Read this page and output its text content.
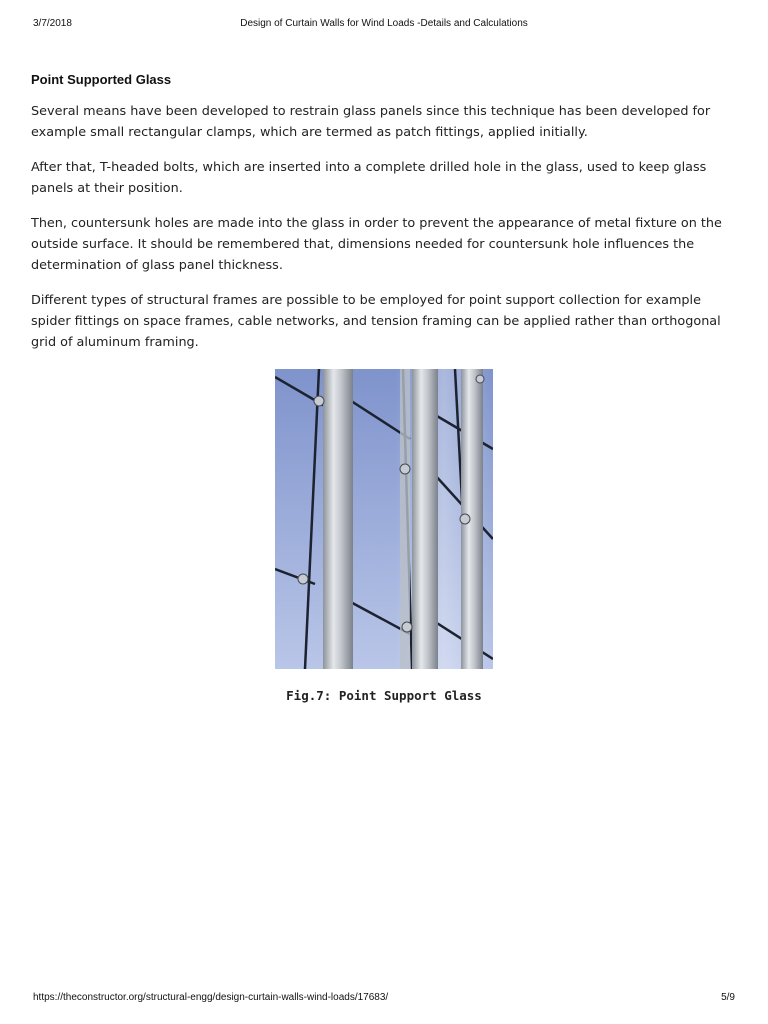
3/7/2018	Design of Curtain Walls for Wind Loads -Details and Calculations
Point Supported Glass

Several means have been developed to restrain glass panels since this technique has been developed for example small rectangular clamps, which are termed as patch fittings, applied initially.

After that, T-headed bolts, which are inserted into a complete drilled hole in the glass, used to keep glass panels at their position.

Then, countersunk holes are made into the glass in order to prevent the appearance of metal fixture on the outside surface. It should be remembered that, dimensions needed for countersunk hole influences the determination of glass panel thickness.

Different types of structural frames are possible to be employed for point support collection for example spider fittings on space frames, cable networks, and tension framing can be applied rather than orthogonal grid of aluminum framing.

Fig.7: Point Support Glass
https://theconstructor.org/structural-engg/design-curtain-walls-wind-loads/17683/	5/9
